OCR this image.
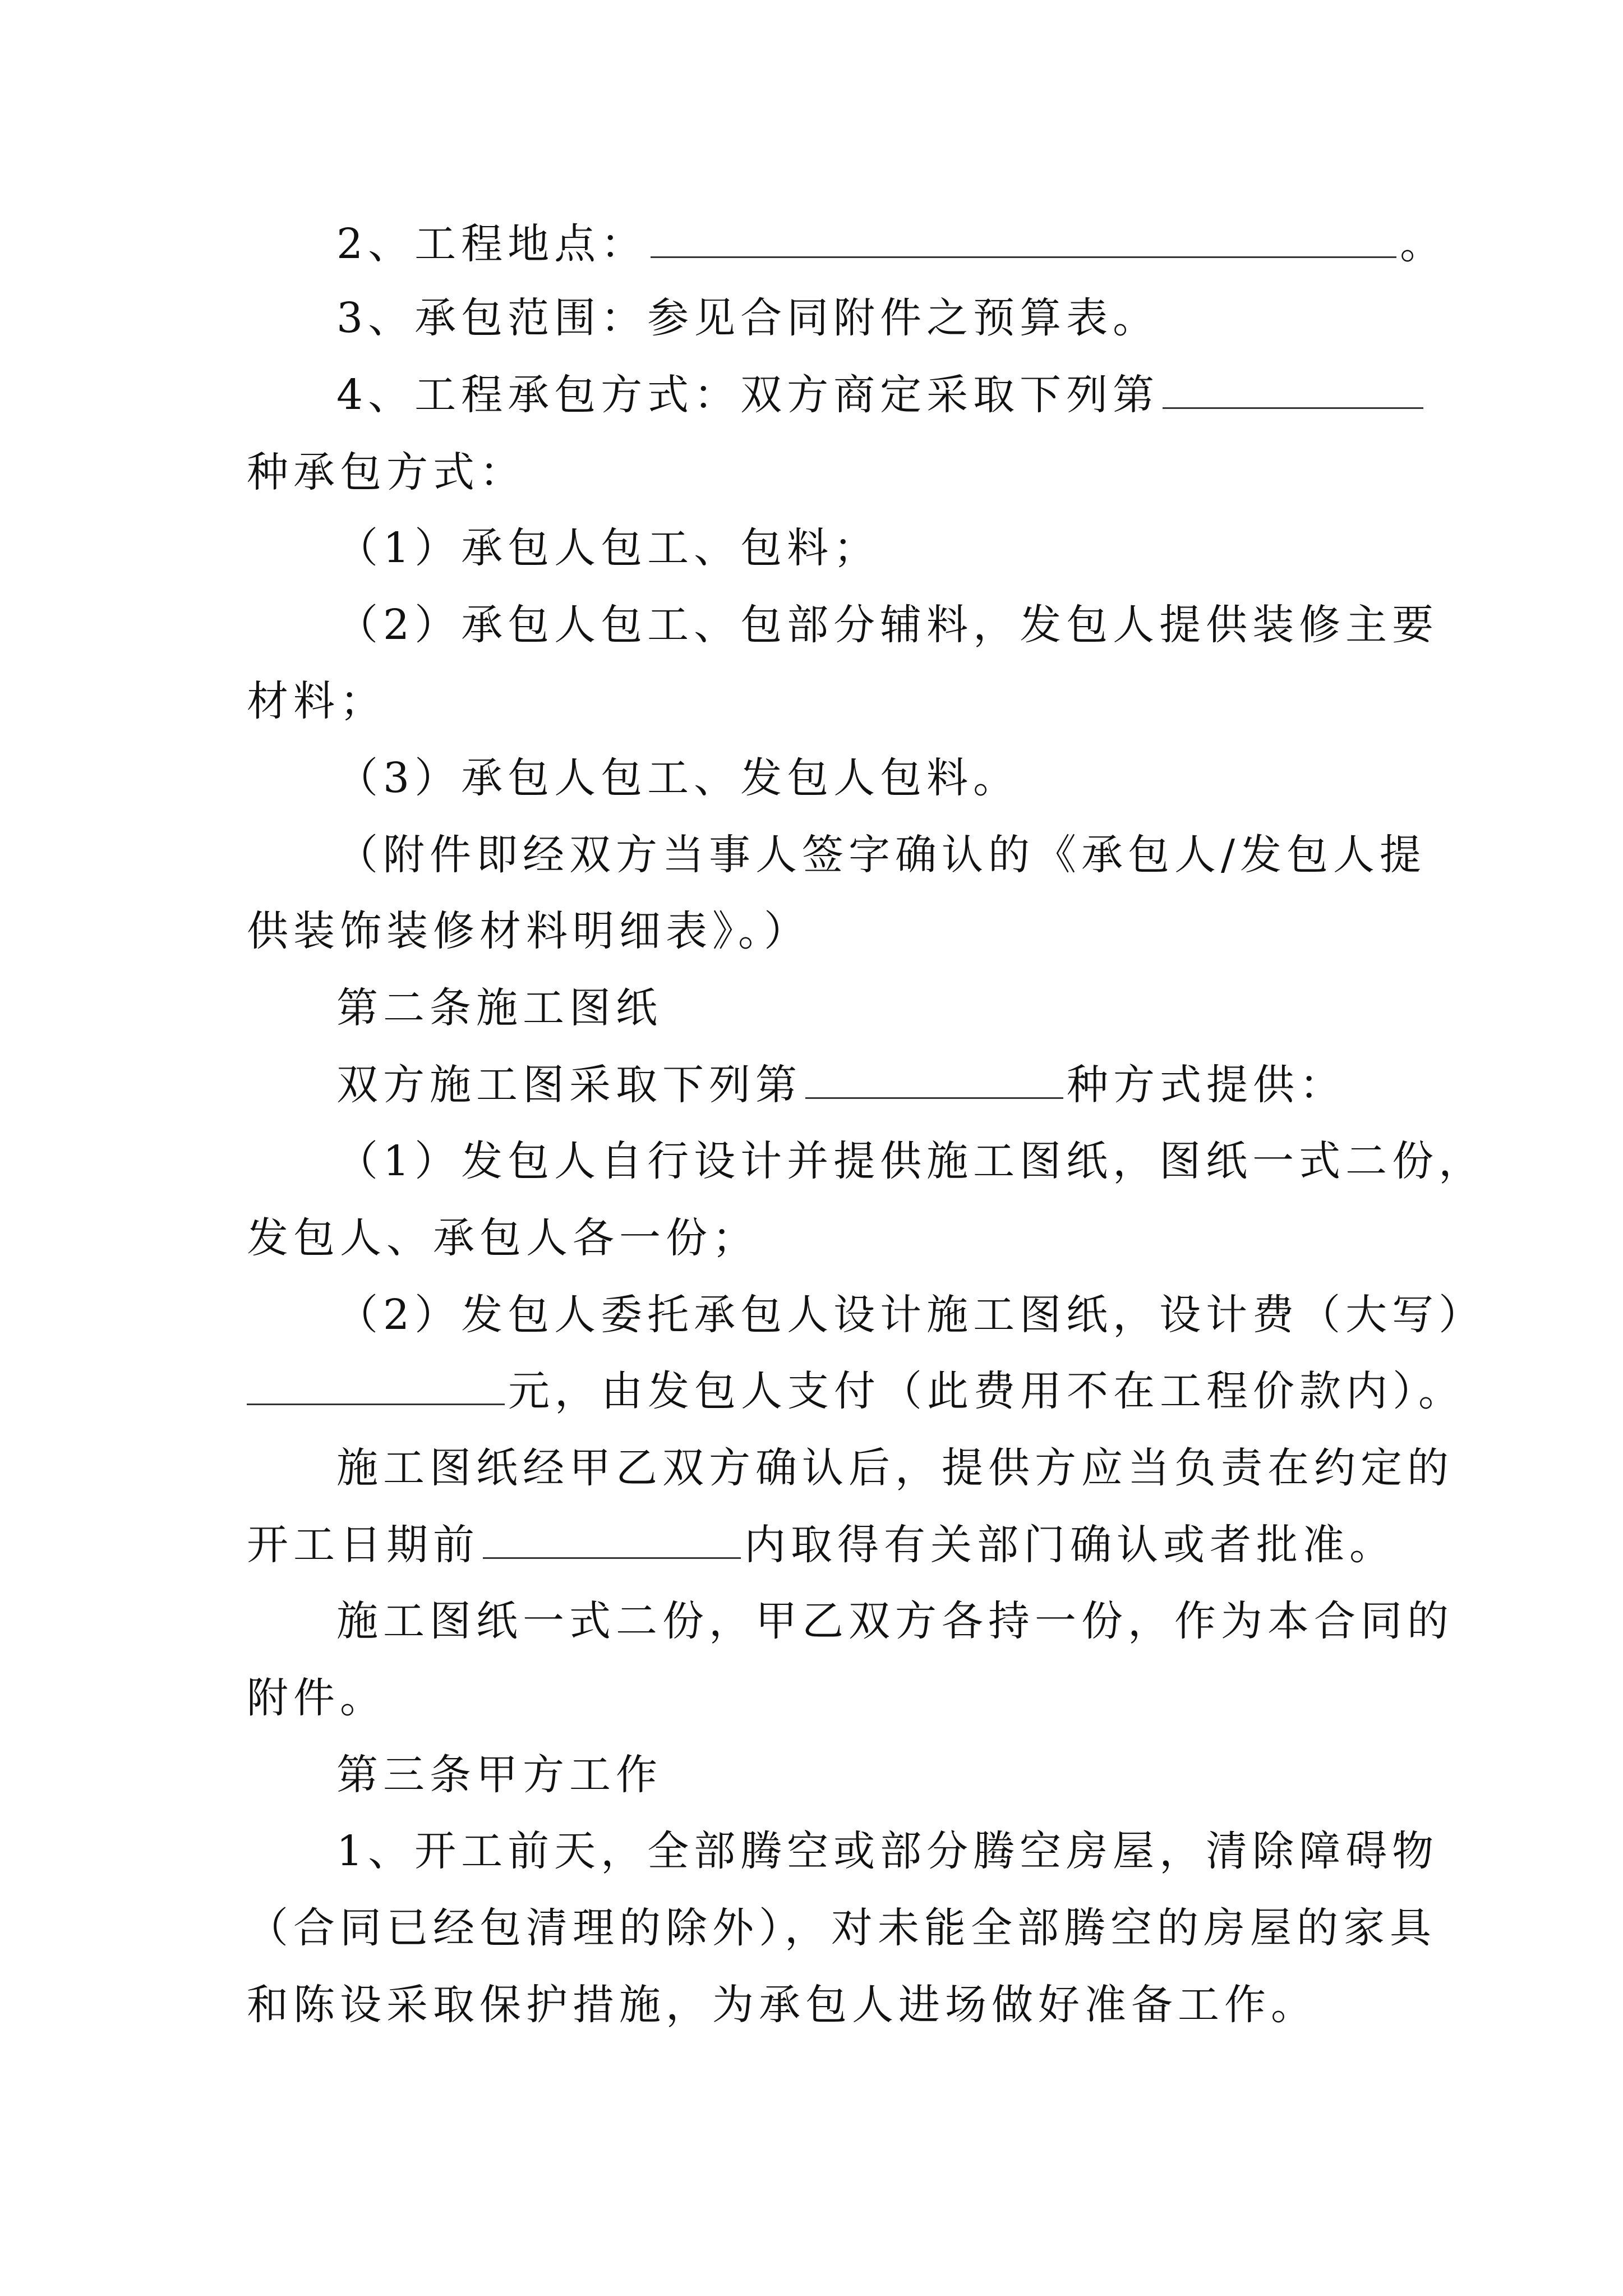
2、工程地点：	。
3、承包范围：参见合同附件之预算表。
4、工程承包方式：双方商定采取下列第
种承包方式：
（1）承包人包工、包料；
（2）承包人包工、包部分辅料，发包人提供装修主要
材料；
（3）承包人包工、发包人包料。
（附件即经双方当事人签字确认的《承包人/发包人提
供装饰装修材料明细表》。）
第二条施工图纸
双方施工图采取下列第	种方式提供：
（1）发包人自行设计并提供施工图纸，图纸一式二份，
发包人、承包人各一份；
（2）发包人委托承包人设计施工图纸，设计费（大写）
元，由发包人支付（此费用不在工程价款内）。
施工图纸经甲乙双方确认后，提供方应当负责在约定的
开工日期前	内取得有关部门确认或者批准。
施工图纸一式二份，甲乙双方各持一份，作为本合同的
附件。
第三条甲方工作
1、开工前天，全部腾空或部分腾空房屋，清除障碍物
（合同已经包清理的除外），对未能全部腾空的房屋的家具
和陈设采取保护措施，为承包人进场做好准备工作。
